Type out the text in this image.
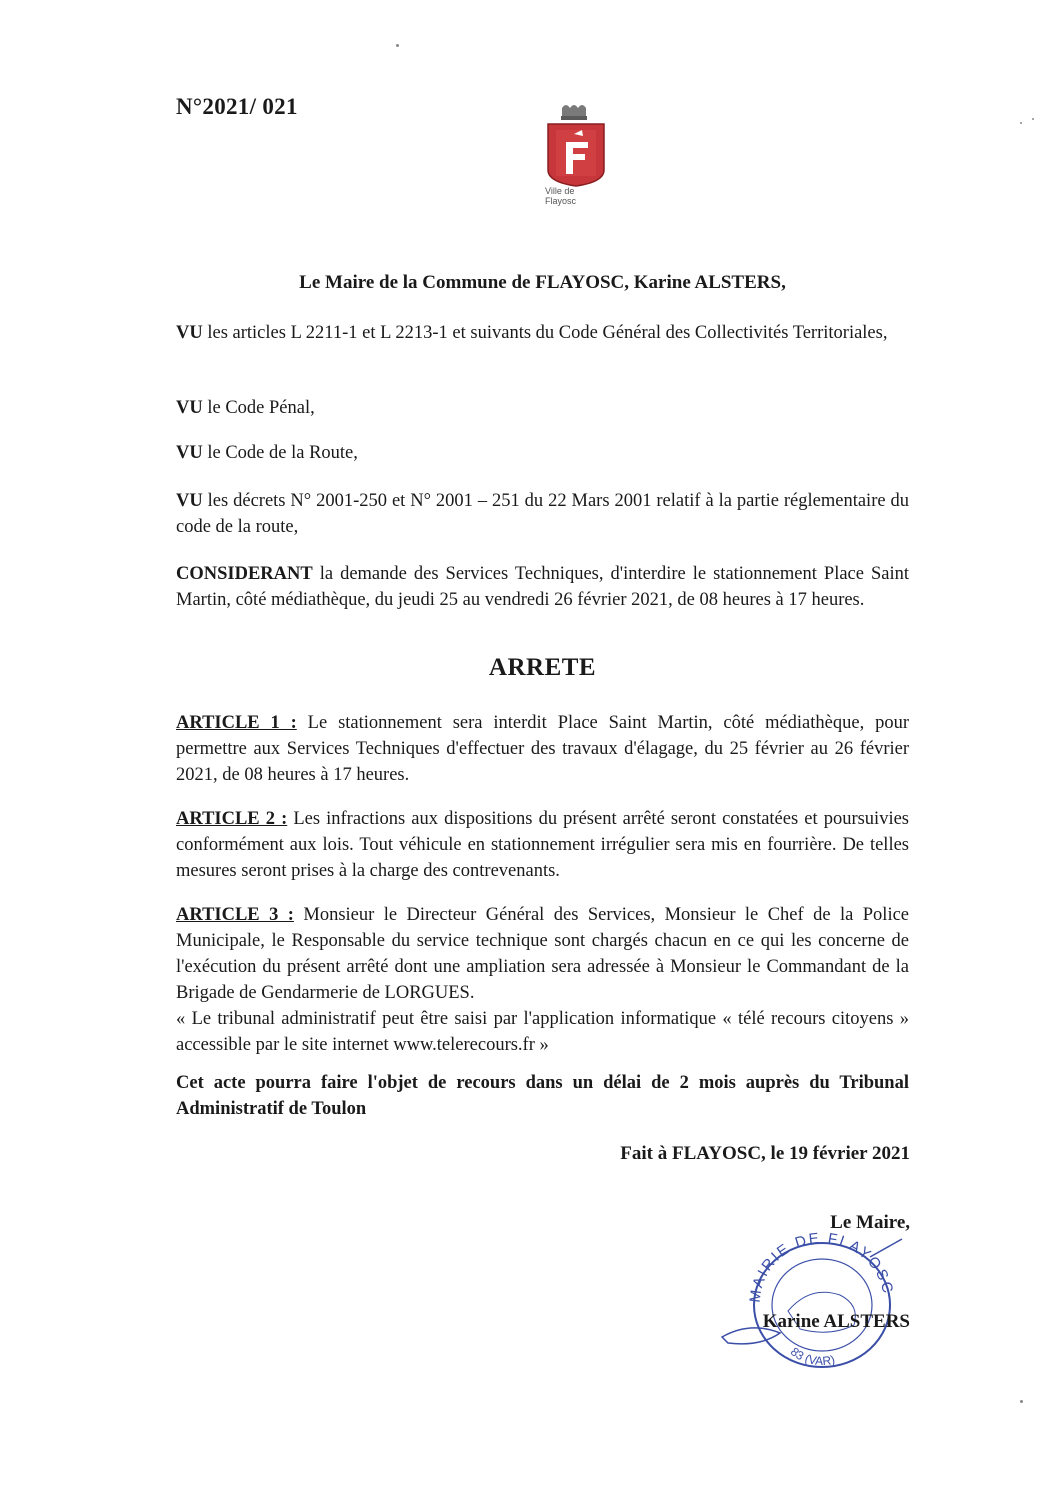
N°2021/ 021
Ville de
Flayosc
Le Maire de la Commune de FLAYOSC, Karine ALSTERS,
VU les articles L 2211-1 et L 2213-1 et suivants du Code Général des Collectivités Territoriales,
VU le Code Pénal,
VU le Code de la Route,
VU les décrets N° 2001-250 et N° 2001 – 251 du 22 Mars 2001 relatif à la partie réglementaire du code de la route,
CONSIDERANT la demande des Services Techniques, d'interdire le stationnement Place Saint Martin, côté médiathèque, du jeudi 25 au vendredi 26 février 2021, de 08 heures à 17 heures.
ARRETE
ARTICLE 1 : Le stationnement sera interdit Place Saint Martin, côté médiathèque, pour permettre aux Services Techniques d'effectuer des travaux d'élagage, du 25 février au 26 février 2021, de 08 heures à 17 heures.
ARTICLE 2 : Les infractions aux dispositions du présent arrêté seront constatées et poursuivies conformément aux lois. Tout véhicule en stationnement irrégulier sera mis en fourrière. De telles mesures seront prises à la charge des contrevenants.
ARTICLE 3 : Monsieur le Directeur Général des Services, Monsieur le Chef de la Police Municipale, le Responsable du service technique sont chargés chacun en ce qui les concerne de l'exécution du présent arrêté dont une ampliation sera adressée à Monsieur le Commandant de la Brigade de Gendarmerie de LORGUES.
« Le tribunal administratif peut être saisi par l'application informatique « télé recours citoyens » accessible par le site internet www.telerecours.fr »
Cet acte pourra faire l'objet de recours dans un délai de 2 mois auprès du Tribunal Administratif de Toulon
Fait à FLAYOSC, le 19 février 2021
MAIRIE DE FLAYOSC
83 (VAR)
Le Maire,
Karine ALSTERS
